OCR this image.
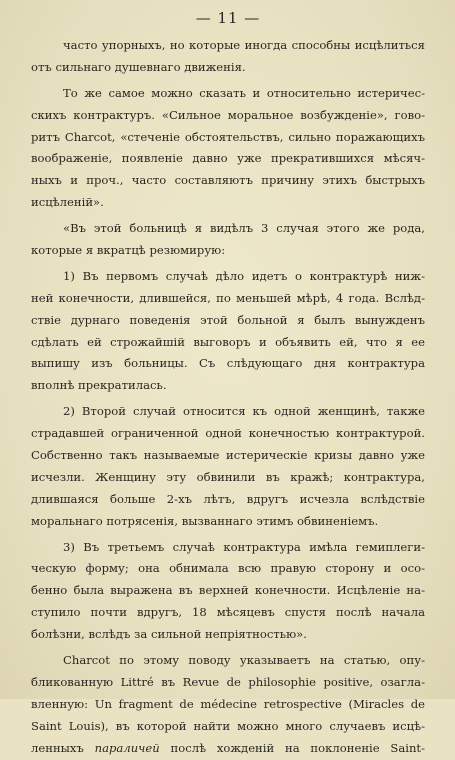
— 11 —
часто упорныхъ, но которые иногда способны исцѣлиться
отъ сильнаго душевнаго движенія.
То же самое можно сказать и относительно истеричес-
скихъ контрактуръ. «Сильное моральное возбужденіе», гово-
ритъ Charcot, «стеченіе обстоятельствъ, сильно поражающихъ
воображеніе, появленіе давно уже прекратившихся мѣсяч-
ныхъ и проч., часто составляютъ причину этихъ быстрыхъ
исцѣленій».
«Въ этой больницѣ я видѣлъ 3 случая этого же рода,
которые я вкратцѣ резюмирую:
1) Въ первомъ случаѣ дѣло идетъ о контрактурѣ ниж-
ней конечности, длившейся, по меньшей мѣрѣ, 4 года. Вслѣд-
ствіе дурнаго поведенія этой больной я былъ вынужденъ
сдѣлать ей строжайшій выговоръ и объявить ей, что я ее
выпишу изъ больницы. Съ слѣдующаго дня контрактура
вполнѣ прекратилась.
2) Второй случай относится къ одной женщинѣ, также
страдавшей ограниченной одной конечностью контрактурой.
Собственно такъ называемые истерическіе кризы давно уже
исчезли. Женщину эту обвинили въ кражѣ; контрактура,
длившаяся больше 2-хъ лѣтъ, вдругъ исчезла вслѣдствіе
моральнаго потрясенія, вызваннаго этимъ обвиненіемъ.
3) Въ третьемъ случаѣ контрактура имѣла гемиплеги-
ческую форму; она обнимала всю правую сторону и осо-
бенно была выражена въ верхней конечности. Исцѣленіе на-
ступило почти вдругъ, 18 мѣсяцевъ спустя послѣ начала
болѣзни, вслѣдъ за сильной непріятностью».
Charcot по этому поводу указываетъ на статью, опу-
бликованную Littré въ Revue de philosophie positive, озагла-
вленную: Un fragment de médecine retrospective (Miracles de
Saint Louis), въ которой найти можно много случаевъ исцѣ-
ленныхъ параличей послѣ хожденій на поклоненіе Saint-
